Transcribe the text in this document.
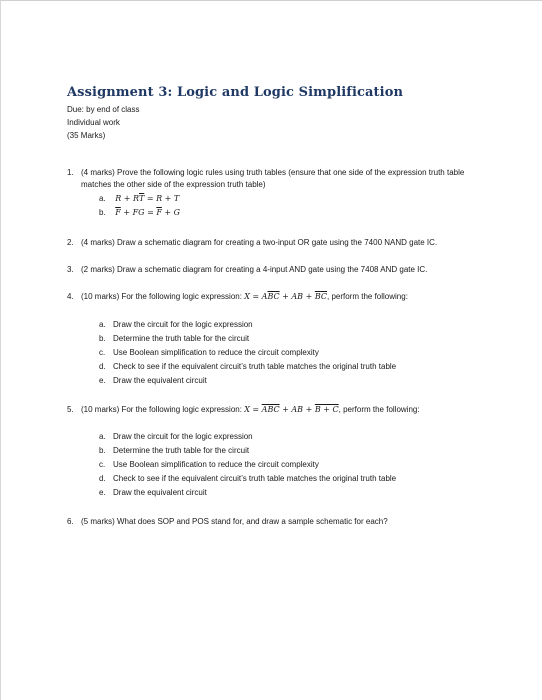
Assignment 3: Logic and Logic Simplification
Due: by end of class
Individual work
(35 Marks)
1. (4 marks) Prove the following logic rules using truth tables (ensure that one side of the expression truth table matches the other side of the expression truth table)
a. $R + R\overline{T} = R + T$
b. $\overline{F}$ + FG = $\overline{F} + G$
2. (4 marks) Draw a schematic diagram for creating a two-input OR gate using the 7400 NAND gate IC.
3. (2 marks) Draw a schematic diagram for creating a 4-input AND gate using the 7408 AND gate IC.
4. (10 marks) For the following logic expression: $X = A\overline{BC}$ + AB + $\overline{B}\overline{C}$, perform the following:
a. Draw the circuit for the logic expression
b. Determine the truth table for the circuit
c. Use Boolean simplification to reduce the circuit complexity
d. Check to see if the equivalent circuit’s truth table matches the original truth table
e. Draw the equivalent circuit
5. (10 marks) For the following logic expression: $X = \overline{ABC}$ + AB + B + C, perform the following:
a. Draw the circuit for the logic expression
b. Determine the truth table for the circuit
c. Use Boolean simplification to reduce the circuit complexity
d. Check to see if the equivalent circuit’s truth table matches the original truth table
e. Draw the equivalent circuit
6. (5 marks) What does SOP and POS stand for, and draw a sample schematic for each?
